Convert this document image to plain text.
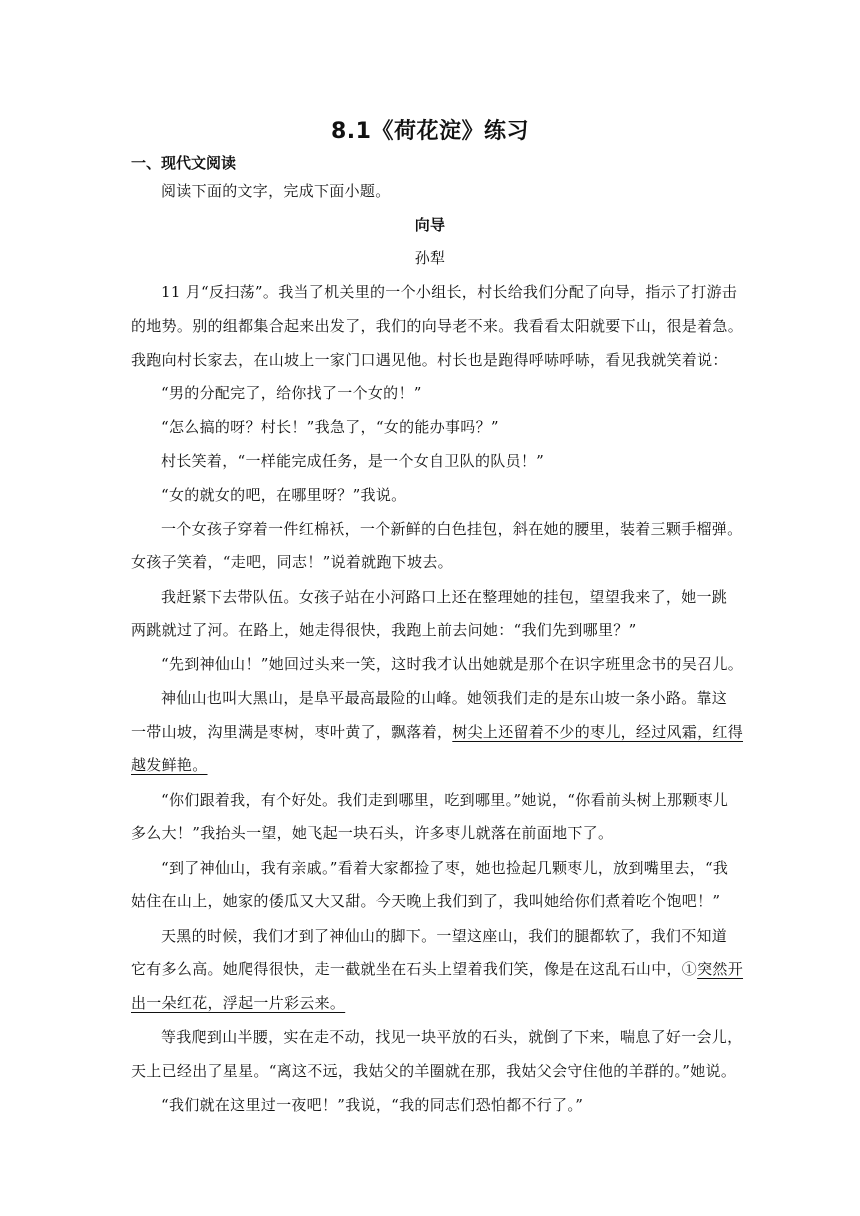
8.1《荷花淀》练习
一、现代文阅读
阅读下面的文字，完成下面小题。
向导
孙犁
11 月“反扫荡”。我当了机关里的一个小组长，村长给我们分配了向导，指示了打游击
的地势。别的组都集合起来出发了，我们的向导老不来。我看看太阳就要下山，很是着急。
我跑向村长家去，在山坡上一家门口遇见他。村长也是跑得呼哧呼哧，看见我就笑着说：
“男的分配完了，给你找了一个女的！”
“怎么搞的呀？村长！”我急了，“女的能办事吗？”
村长笑着，“一样能完成任务，是一个女自卫队的队员！”
“女的就女的吧，在哪里呀？”我说。
一个女孩子穿着一件红棉袄，一个新鲜的白色挂包，斜在她的腰里，装着三颗手榴弹。
女孩子笑着，“走吧，同志！”说着就跑下坡去。
我赶紧下去带队伍。女孩子站在小河路口上还在整理她的挂包，望望我来了，她一跳
两跳就过了河。在路上，她走得很快，我跑上前去问她：“我们先到哪里？”
“先到神仙山！”她回过头来一笑，这时我才认出她就是那个在识字班里念书的吴召儿。
神仙山也叫大黑山，是阜平最高最险的山峰。她领我们走的是东山坡一条小路。靠这
一带山坡，沟里满是枣树，枣叶黄了，飘落着，树尖上还留着不少的枣儿，经过风霜，红得
越发鲜艳。
“你们跟着我，有个好处。我们走到哪里，吃到哪里。”她说，“你看前头树上那颗枣儿
多么大！”我抬头一望，她飞起一块石头，许多枣儿就落在前面地下了。
“到了神仙山，我有亲戚。”看着大家都捡了枣，她也捡起几颗枣儿，放到嘴里去，“我
姑住在山上，她家的倭瓜又大又甜。今天晚上我们到了，我叫她给你们煮着吃个饱吧！”
天黑的时候，我们才到了神仙山的脚下。一望这座山，我们的腿都软了，我们不知道
它有多么高。她爬得很快，走一截就坐在石头上望着我们笑，像是在这乱石山中，①突然开
出一朵红花，浮起一片彩云来。
等我爬到山半腰，实在走不动，找见一块平放的石头，就倒了下来，喘息了好一会儿，
天上已经出了星星。“离这不远，我姑父的羊圈就在那，我姑父会守住他的羊群的。”她说。
“我们就在这里过一夜吧！”我说，“我的同志们恐怕都不行了。”
